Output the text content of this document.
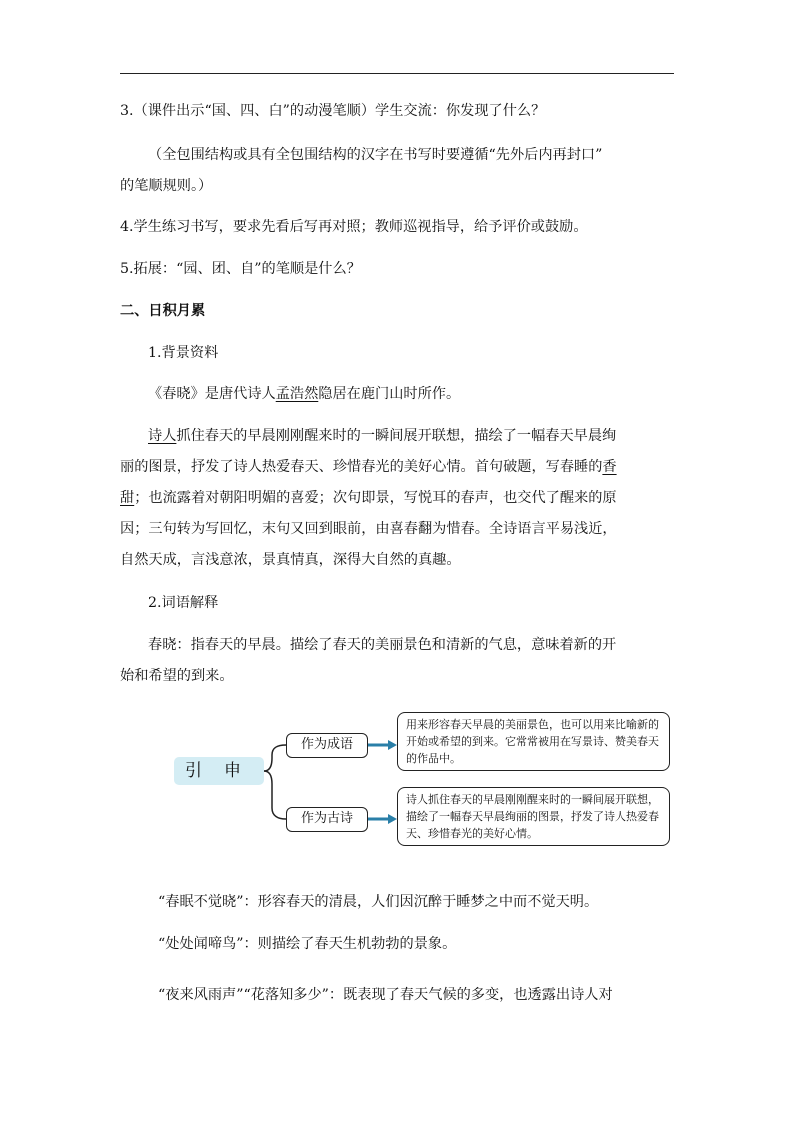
3.（课件出示“国、四、白”的动漫笔顺）学生交流：你发现了什么？

（全包围结构或具有全包围结构的汉字在书写时要遵循“先外后内再封口”

的笔顺规则。）

4.学生练习书写，要求先看后写再对照；教师巡视指导，给予评价或鼓励。

5.拓展：“园、团、自”的笔顺是什么？

二、日积月累

1.背景资料

《春晓》是唐代诗人孟浩然隐居在鹿门山时所作。

诗人抓住春天的早晨刚刚醒来时的一瞬间展开联想，描绘了一幅春天早晨绚

丽的图景，抒发了诗人热爱春天、珍惜春光的美好心情。首句破题，写春睡的香

甜；也流露着对朝阳明媚的喜爱；次句即景，写悦耳的春声，也交代了醒来的原

因；三句转为写回忆，末句又回到眼前，由喜春翻为惜春。全诗语言平易浅近，

自然天成，言浅意浓，景真情真，深得大自然的真趣。

2.词语解释

春晓：指春天的早晨。描绘了春天的美丽景色和清新的气息，意味着新的开

始和希望的到来。

引申
作为成语
作为古诗
用来形容春天早晨的美丽景色，也可以用来比喻新的开始或希望的到来。它常常被用在写景诗、赞美春天的作品中。
诗人抓住春天的早晨刚刚醒来时的一瞬间展开联想，描绘了一幅春天早晨绚丽的图景，抒发了诗人热爱春天、珍惜春光的美好心情。

“春眠不觉晓”：形容春天的清晨，人们因沉醉于睡梦之中而不觉天明。

“处处闻啼鸟”：则描绘了春天生机勃勃的景象。

“夜来风雨声”“花落知多少”：既表现了春天气候的多变，也透露出诗人对
